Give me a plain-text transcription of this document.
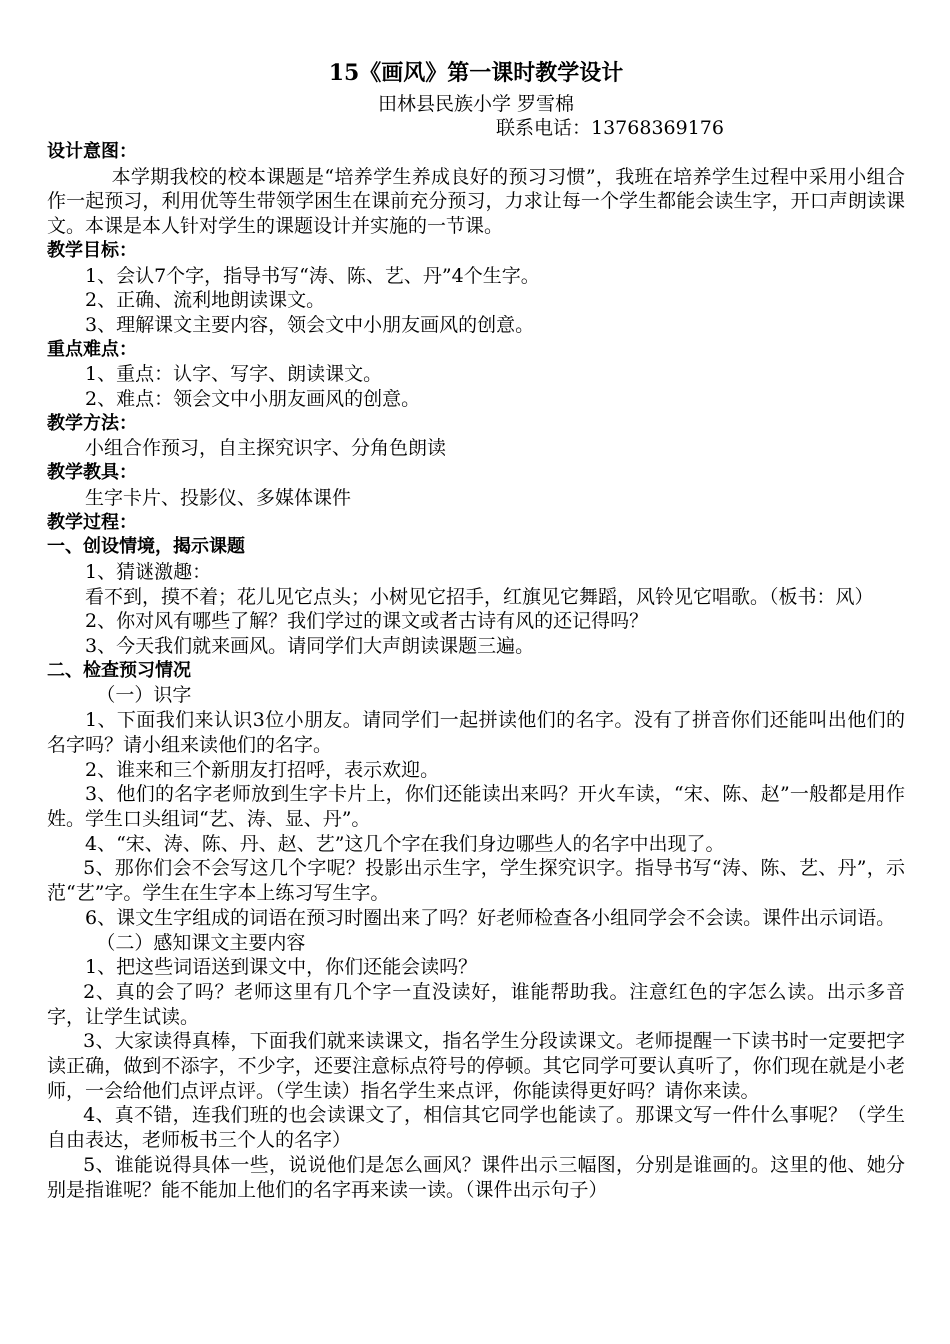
15《画风》第一课时教学设计
田林县民族小学 罗雪棉
联系电话：13768369176
设计意图：
本学期我校的校本课题是“培养学生养成良好的预习习惯”，我班在培养学生过程中采用小组合作一起预习，利用优等生带领学困生在课前充分预习，力求让每一个学生都能会读生字，开口声朗读课文。本课是本人针对学生的课题设计并实施的一节课。
教学目标：
1、会认7个字，指导书写“涛、陈、艺、丹”4个生字。
2、正确、流利地朗读课文。
3、理解课文主要内容，领会文中小朋友画风的创意。
重点难点：
1、重点：认字、写字、朗读课文。
2、难点：领会文中小朋友画风的创意。
教学方法：
小组合作预习，自主探究识字、分角色朗读
教学教具：
生字卡片、投影仪、多媒体课件
教学过程：
一、创设情境，揭示课题
1、猜谜激趣：
看不到，摸不着；花儿见它点头；小树见它招手，红旗见它舞蹈，风铃见它唱歌。（板书：风）
2、你对风有哪些了解？我们学过的课文或者古诗有风的还记得吗？
3、今天我们就来画风。请同学们大声朗读课题三遍。
二、检查预习情况
（一）识字
1、下面我们来认识3位小朋友。请同学们一起拼读他们的名字。没有了拼音你们还能叫出他们的名字吗？请小组来读他们的名字。
2、谁来和三个新朋友打招呼，表示欢迎。
3、他们的名字老师放到生字卡片上，你们还能读出来吗？开火车读，“宋、陈、赵”一般都是用作姓。学生口头组词“艺、涛、显、丹”。
4、“宋、涛、陈、丹、赵、艺”这几个字在我们身边哪些人的名字中出现了。
5、那你们会不会写这几个字呢？投影出示生字，学生探究识字。指导书写“涛、陈、艺、丹”，示范“艺”字。学生在生字本上练习写生字。
6、课文生字组成的词语在预习时圈出来了吗？好老师检查各小组同学会不会读。课件出示词语。
（二）感知课文主要内容
1、把这些词语送到课文中，你们还能会读吗？
2、真的会了吗？老师这里有几个字一直没读好，谁能帮助我。注意红色的字怎么读。出示多音字，让学生试读。
3、大家读得真棒，下面我们就来读课文，指名学生分段读课文。老师提醒一下读书时一定要把字读正确，做到不添字，不少字，还要注意标点符号的停顿。其它同学可要认真听了，你们现在就是小老师，一会给他们点评点评。（学生读）指名学生来点评，你能读得更好吗？请你来读。
4、真不错，连我们班的也会读课文了，相信其它同学也能读了。那课文写一件什么事呢？（学生自由表达，老师板书三个人的名字）
5、谁能说得具体一些，说说他们是怎么画风？课件出示三幅图，分别是谁画的。这里的他、她分别是指谁呢？能不能加上他们的名字再来读一读。（课件出示句子）
